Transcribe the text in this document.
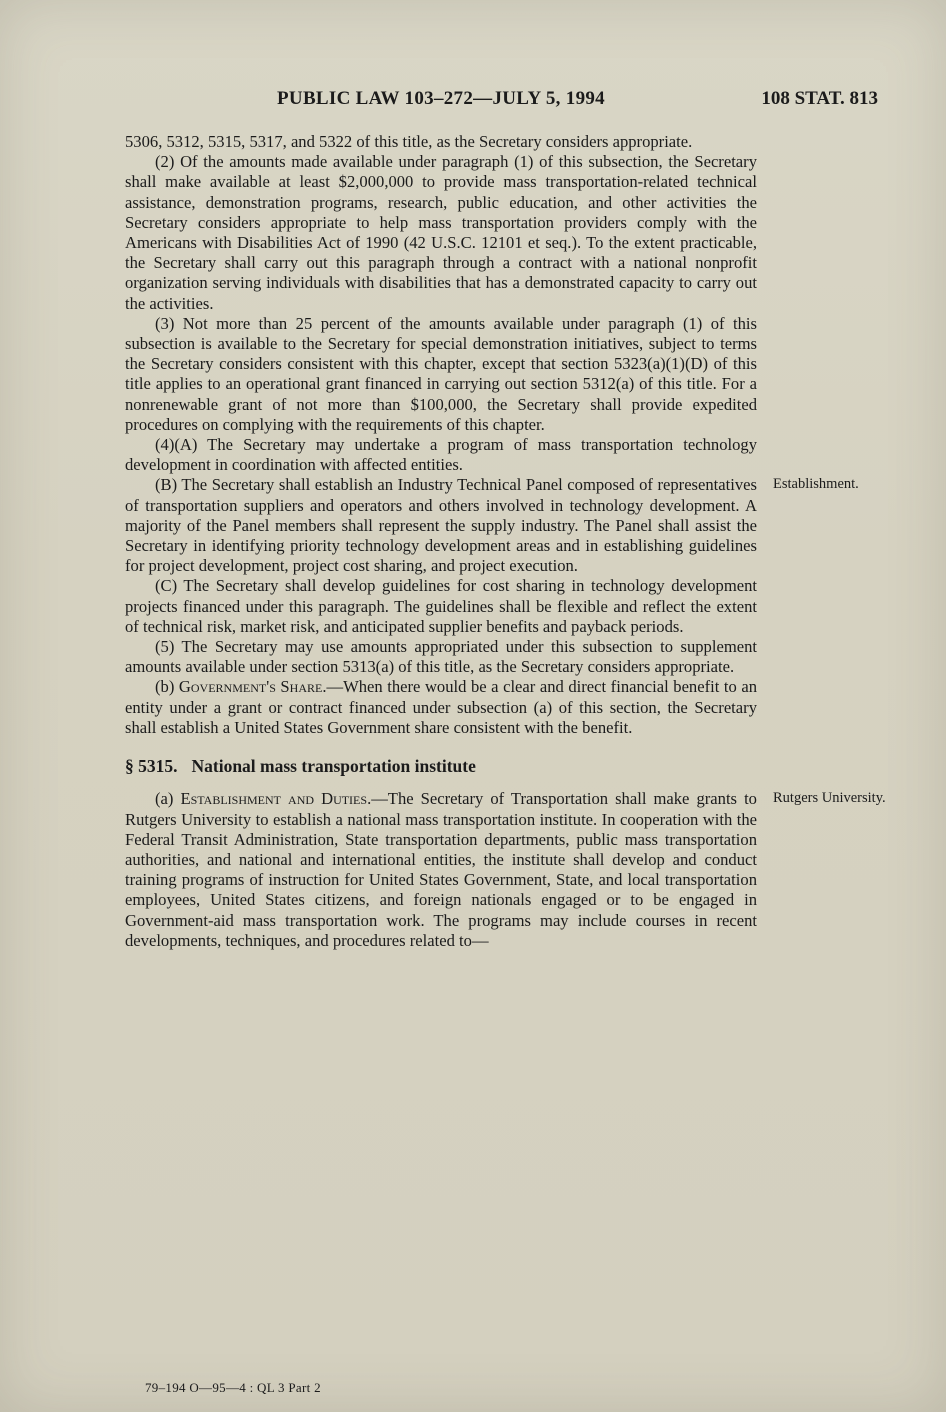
PUBLIC LAW 103–272—JULY 5, 1994	108 STAT. 813

5306, 5312, 5315, 5317, and 5322 of this title, as the Secretary considers appropriate.

(2) Of the amounts made available under paragraph (1) of this subsection, the Secretary shall make available at least $2,000,000 to provide mass transportation-related technical assistance, demonstration programs, research, public education, and other activities the Secretary considers appropriate to help mass transportation providers comply with the Americans with Disabilities Act of 1990 (42 U.S.C. 12101 et seq.). To the extent practicable, the Secretary shall carry out this paragraph through a contract with a national nonprofit organization serving individuals with disabilities that has a demonstrated capacity to carry out the activities.

(3) Not more than 25 percent of the amounts available under paragraph (1) of this subsection is available to the Secretary for special demonstration initiatives, subject to terms the Secretary considers consistent with this chapter, except that section 5323(a)(1)(D) of this title applies to an operational grant financed in carrying out section 5312(a) of this title. For a nonrenewable grant of not more than $100,000, the Secretary shall provide expedited procedures on complying with the requirements of this chapter.

(4)(A) The Secretary may undertake a program of mass transportation technology development in coordination with affected entities.

(B) The Secretary shall establish an Industry Technical Panel composed of representatives of transportation suppliers and operators and others involved in technology development. A majority of the Panel members shall represent the supply industry. The Panel shall assist the Secretary in identifying priority technology development areas and in establishing guidelines for project development, project cost sharing, and project execution.
Establishment.

(C) The Secretary shall develop guidelines for cost sharing in technology development projects financed under this paragraph. The guidelines shall be flexible and reflect the extent of technical risk, market risk, and anticipated supplier benefits and payback periods.

(5) The Secretary may use amounts appropriated under this subsection to supplement amounts available under section 5313(a) of this title, as the Secretary considers appropriate.

(b) Government's Share.—When there would be a clear and direct financial benefit to an entity under a grant or contract financed under subsection (a) of this section, the Secretary shall establish a United States Government share consistent with the benefit.

§ 5315. National mass transportation institute

(a) Establishment and Duties.—The Secretary of Transportation shall make grants to Rutgers University to establish a national mass transportation institute. In cooperation with the Federal Transit Administration, State transportation departments, public mass transportation authorities, and national and international entities, the institute shall develop and conduct training programs of instruction for United States Government, State, and local transportation employees, United States citizens, and foreign nationals engaged or to be engaged in Government-aid mass transportation work. The programs may include courses in recent developments, techniques, and procedures related to—
Rutgers University.

79–194 O—95—4 : QL 3 Part 2
